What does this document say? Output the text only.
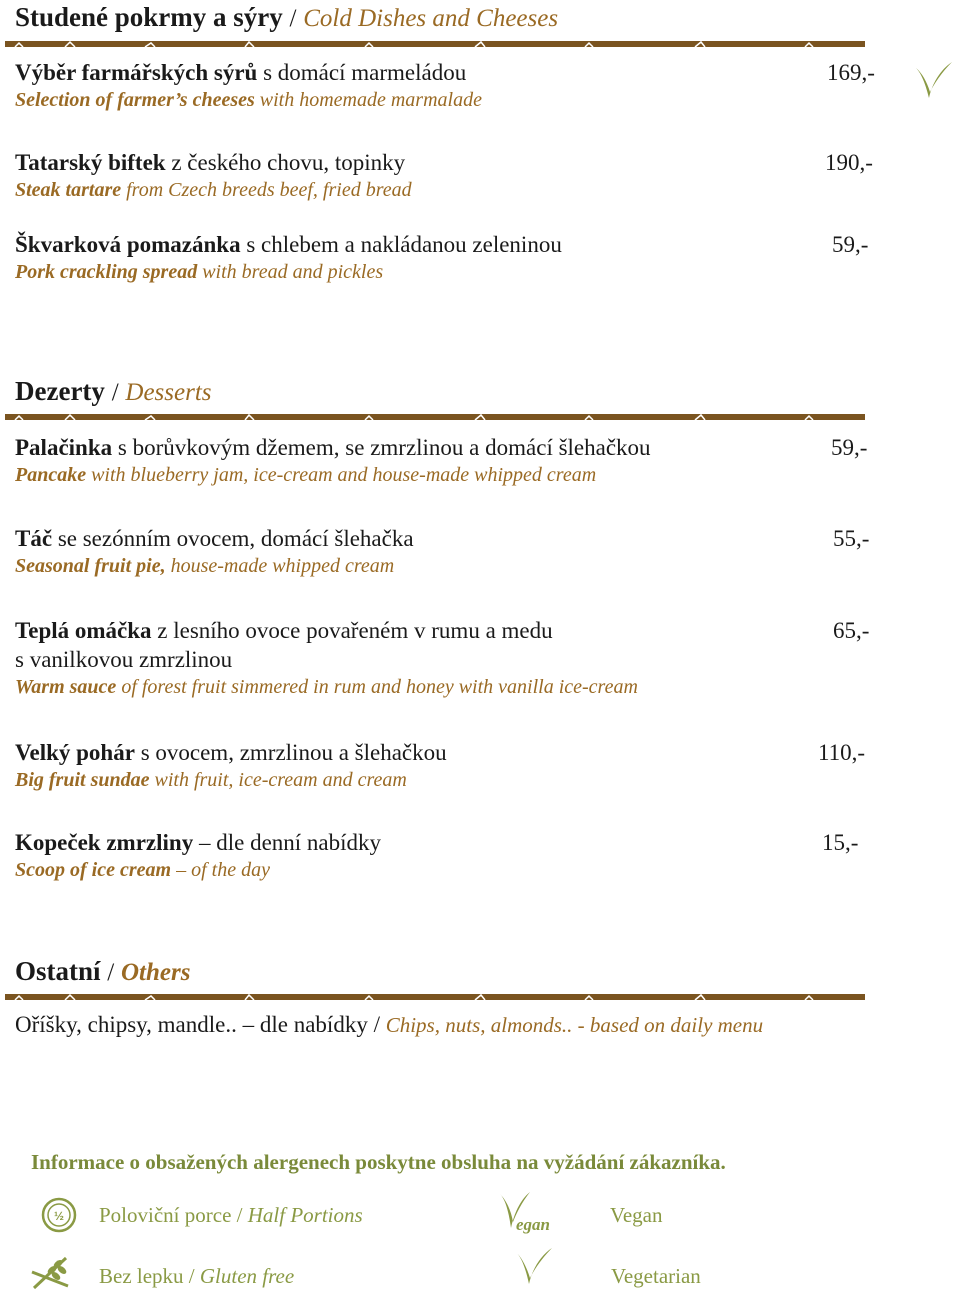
Studené pokrmy a sýry / Cold Dishes and Cheeses
Výběr farmářských sýrů s domácí marmeládou
Selection of farmer’s cheeses with homemade marmalade
169,-
Tatarský biftek z českého chovu, topinky
Steak tartare from Czech breeds beef, fried bread
190,-
Škvarková pomazánka s chlebem a nakládanou zeleninou
Pork crackling spread with bread and pickles
59,-
Dezerty / Desserts
Palačinka s borůvkovým džemem, se zmrzlinou a domácí šlehačkou
Pancake with blueberry jam, ice-cream and house-made whipped cream
59,-
Táč se sezónním ovocem, domácí šlehačka
Seasonal fruit pie, house-made whipped cream
55,-
Teplá omáčka z lesního ovoce povařeném v rumu a medu
s vanilkovou zmrzlinou
Warm sauce of forest fruit simmered in rum and honey with vanilla ice-cream
65,-
Velký pohár s ovocem, zmrzlinou a šlehačkou
Big fruit sundae with fruit, ice-cream and cream
110,-
Kopeček zmrzliny – dle denní nabídky
Scoop of ice cream – of the day
15,-
Ostatní / Others
Oříšky, chipsy, mandle.. – dle nabídky / Chips, nuts, almonds.. - based on daily menu
Informace o obsažených alergenech poskytne obsluha na vyžádání zákazníka.
½ Poloviční porce / Half Portions	egan	Vegan
Bez lepku / Gluten free	Vegetarian
